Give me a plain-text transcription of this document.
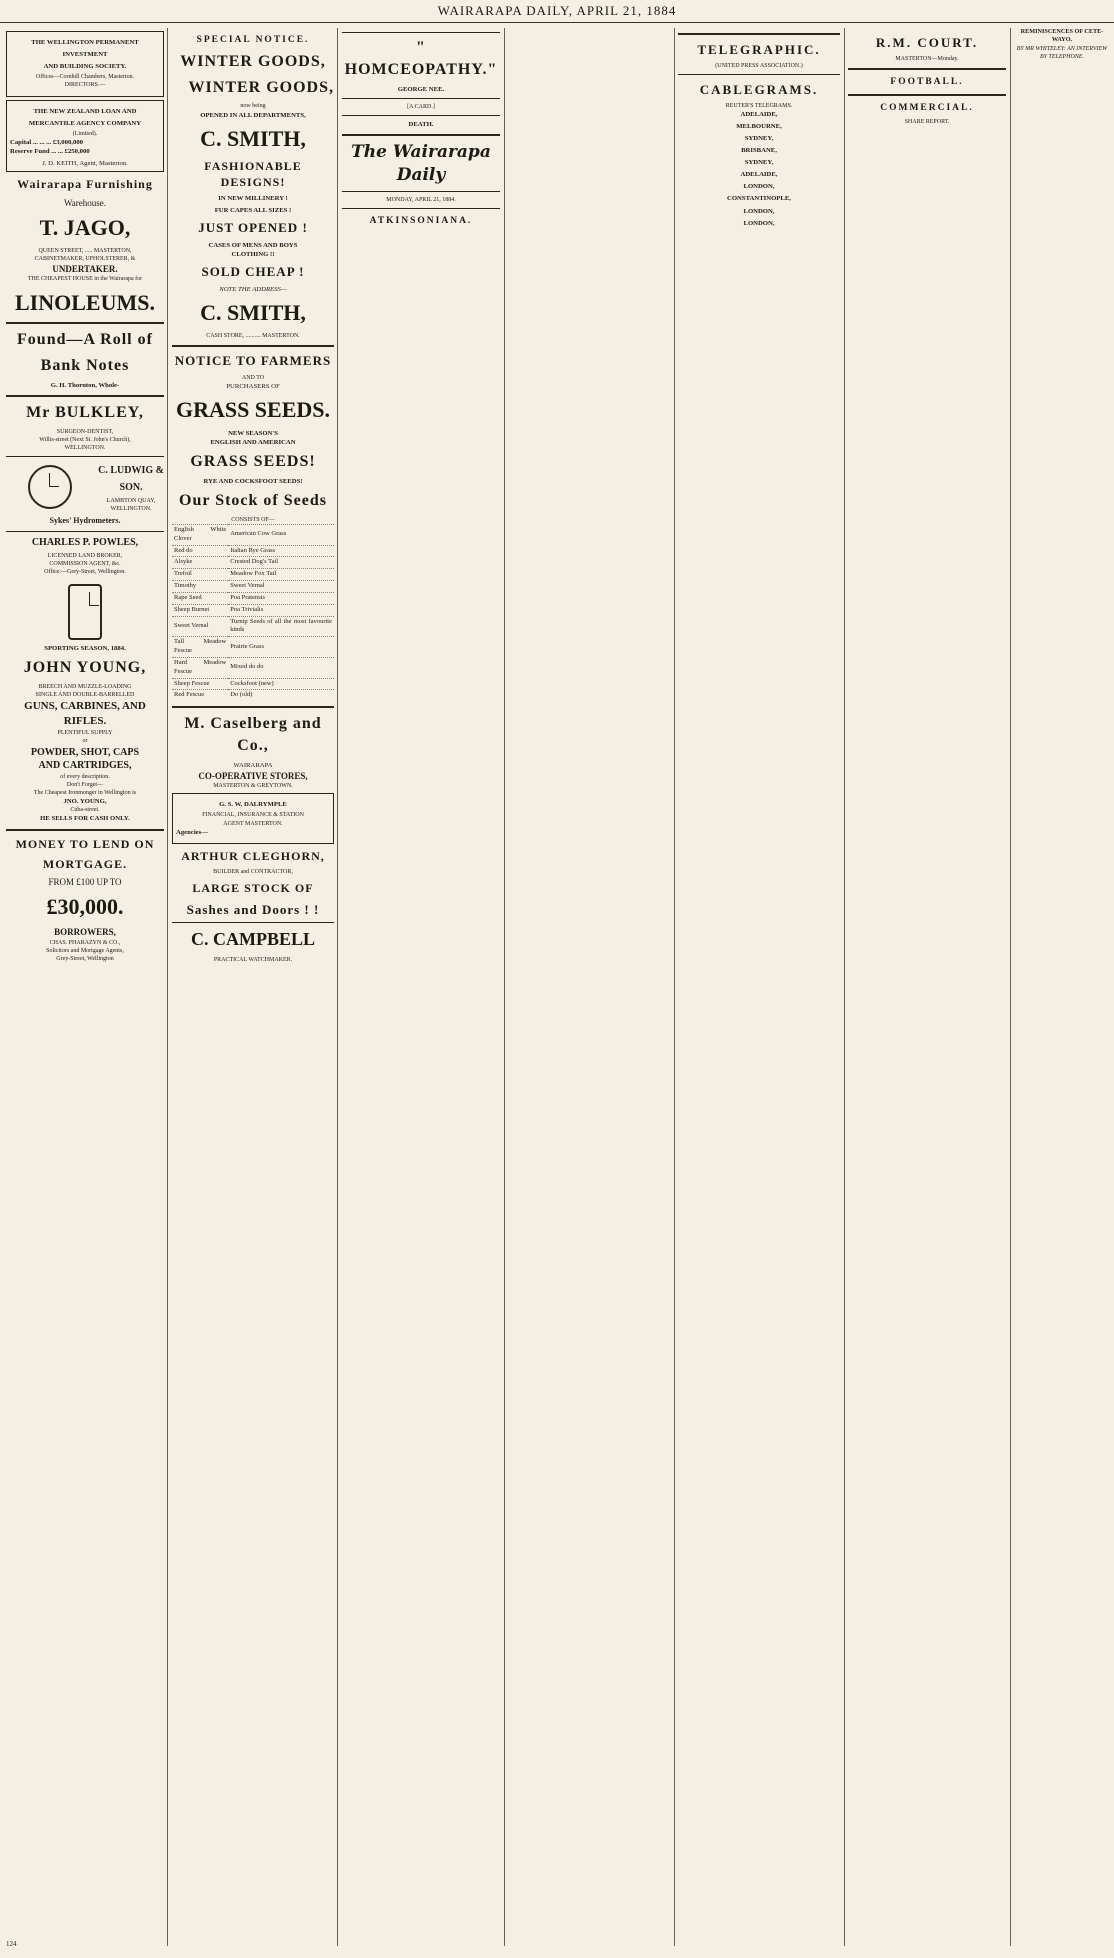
WAIRARAPA DAILY, APRIL 21, 1884
THE WELLINGTON PERMANENT
INVESTMENT
AND BUILDING SOCIETY.
Offices—Cornhill Chambers, Masterton.
DIRECTORS.—

THE NEW ZEALAND LOAN AND
MERCANTILE AGENCY COMPANY
(Limited).
Capital ... ... ... £3,000,000
Reserve Fund ... ... £250,000

J. D. KEITH, Agent, Masterton.
Wairarapa Furnishing
Warehouse.
T. JAGO,
QUEEN STREET, ..... MASTERTON,
CABINETMAKER, UPHOLSTERER, &
UNDERTAKER.
THE CHEAPEST HOUSE in the Wairarapa for
LINOLEUMS.
Found—A Roll of
Bank Notes

G. H. Thornton, Whole-
Mr BULKLEY,
SURGEON-DENTIST,
Willis-street (Next St. John's Church),
WELLINGTON.
C. LUDWIG &
SON.
LAMBTON QUAY,
WELLINGTON.
Sykes' Hydrometers.
CHARLES P. POWLES,
LICENSED LAND BROKER,
COMMISSION AGENT, &c.
Office:—Grey-Street, Wellington.
SPORTING SEASON, 1884.
JOHN YOUNG,
BREECH AND MUZZLE-LOADING
SINGLE AND DOUBLE-BARRELLED
GUNS, CARBINES, AND
RIFLES.
PLENTIFUL SUPPLY
or
POWDER, SHOT, CAPS
AND CARTRIDGES,
of every description.
Don't Forget—
The Cheapest Ironmonger in Wellington is
JNO. YOUNG,
Cuba-street.
HE SELLS FOR CASH ONLY.
MONEY TO LEND ON
MORTGAGE.
FROM £100 UP TO
£30,000.

BORROWERS,
CHAS. PHARAZYN & CO.,
Solicitors and Mortgage Agents,
Grey-Street, Wellington
SPECIAL NOTICE.
WINTER GOODS,
WINTER GOODS,
now being
OPENED IN ALL DEPARTMENTS,
C. SMITH,

FASHIONABLE DESIGNS!
IN NEW MILLINERY !

FUR CAPES ALL SIZES !

JUST OPENED !
CASES OF MENS AND BOYS
CLOTHING !!

SOLD CHEAP !

NOTE THE ADDRESS—
C. SMITH,
CASH STORE, .......... MASTERTON.
NOTICE TO FARMERS
AND TO
PURCHASERS OF
GRASS SEEDS.

NEW SEASON'S
ENGLISH AND AMERICAN
GRASS SEEDS!

RYE AND COCKSFOOT SEEDS!
Our Stock of Seeds
CONSISTS OF—
English White Clover	American Cow Grass
Red do	Italian Rye Grass
Alsyke	Crested Dog's Tail
Trefoil	Meadow Fox Tail
Timothy	Sweet Vernal
Rape Seed	Poa Pratensis
Sheep Burnet	Poa Trivialis
Sweet Vernal	Turnip Seeds of all the most favourite kinds
Tall Meadow Fescue	Prairie Grass
Hard Meadow Fescue	Mixed do do
Sheep Fescue	Cocksfoot (new)
Red Fescue	Do (old)
M. Caselberg and Co.,
WAIRARAPA
CO-OPERATIVE STORES,
MASTERTON & GREYTOWN.
G. S. W. DALRYMPLE
FINANCIAL, INSURANCE & STATION
AGENT MASTERTON.
Agencies—

ARTHUR CLEGHORN,
BUILDER and CONTRACTOR,
LARGE STOCK OF

Sashes and Doors ! !
C. CAMPBELL
PRACTICAL WATCHMAKER.

" HOMCEOPATHY."

GEORGE NEE.
[A CARD.]

DEATH.

The Wairarapa Daily
MONDAY, APRIL 21, 1884.
ATKINSONIANA.

TELEGRAPHIC.
(UNITED PRESS ASSOCIATION.)

CABLEGRAMS.
REUTER'S TELEGRAMS.
ADELAIDE,

MELBOURNE,

SYDNEY,

BRISBANE,

SYDNEY,

ADELAIDE,

LONDON,

CONSTANTINOPLE,

LONDON,

LONDON,

R.M. COURT.
MASTERTON—Monday.

FOOTBALL.

COMMERCIAL.
SHARE REPORT.

REMINISCENCES OF CETE-
WAYO.
BY MR WHITELEY: AN INTERVIEW BY TELEPHONE.

124
